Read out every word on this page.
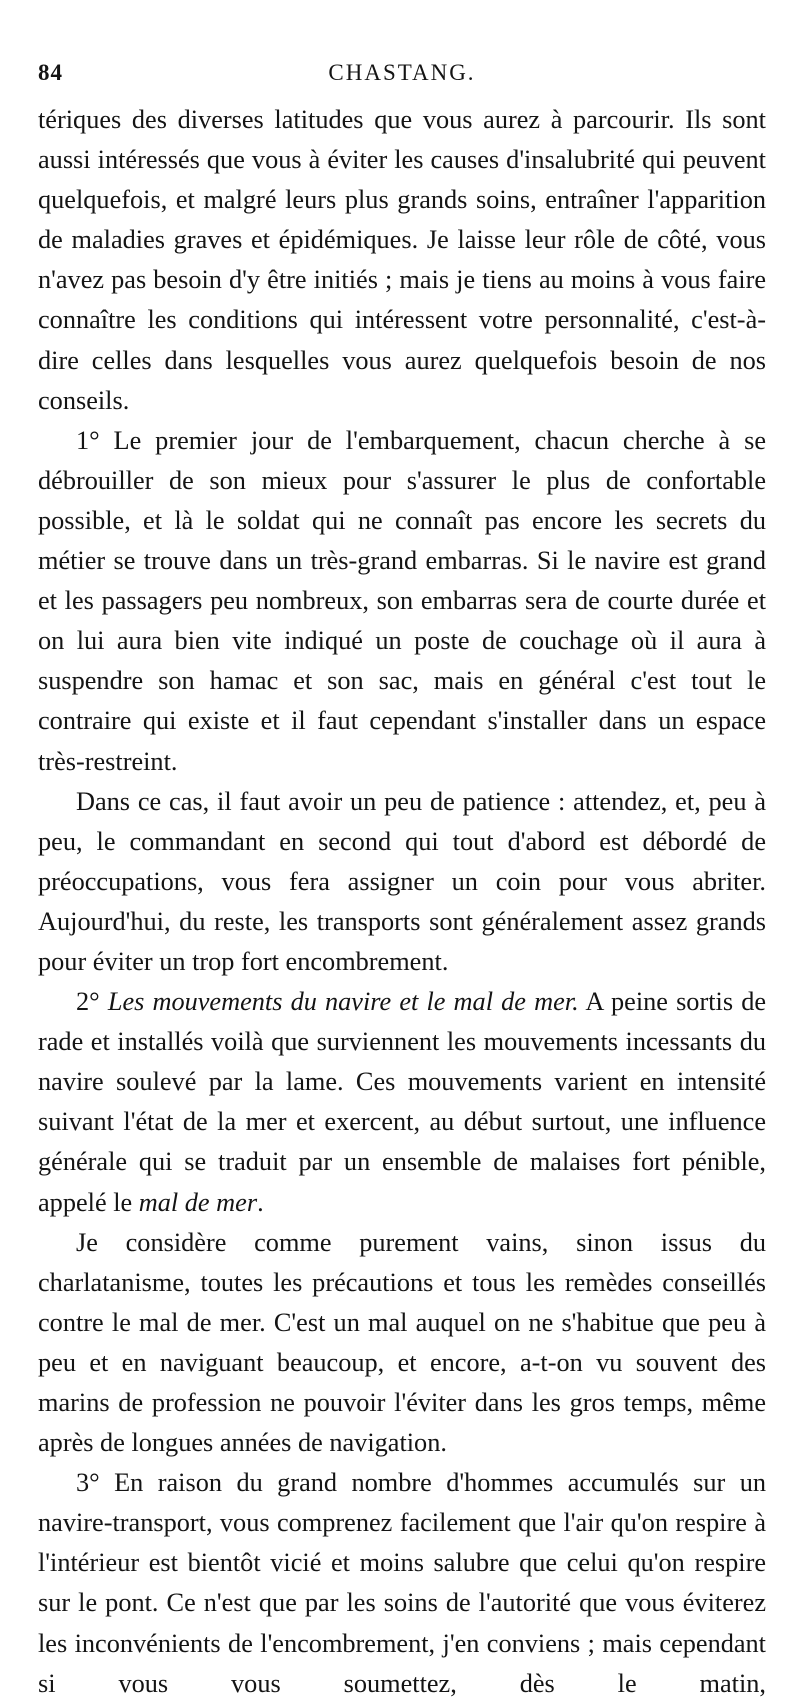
84	CHASTANG.

tériques des diverses latitudes que vous aurez à parcourir. Ils sont aussi intéressés que vous à éviter les causes d'insalubrité qui peuvent quelquefois, et malgré leurs plus grands soins, entraîner l'apparition de maladies graves et épidémiques. Je laisse leur rôle de côté, vous n'avez pas besoin d'y être initiés ; mais je tiens au moins à vous faire connaître les conditions qui intéressent votre personnalité, c'est-à-dire celles dans lesquelles vous aurez quelquefois besoin de nos conseils.

1° Le premier jour de l'embarquement, chacun cherche à se débrouiller de son mieux pour s'assurer le plus de confortable possible, et là le soldat qui ne connaît pas encore les secrets du métier se trouve dans un très-grand embarras. Si le navire est grand et les passagers peu nombreux, son embarras sera de courte durée et on lui aura bien vite indiqué un poste de couchage où il aura à suspendre son hamac et son sac, mais en général c'est tout le contraire qui existe et il faut cependant s'installer dans un espace très-restreint.

Dans ce cas, il faut avoir un peu de patience : attendez, et, peu à peu, le commandant en second qui tout d'abord est débordé de préoccupations, vous fera assigner un coin pour vous abriter. Aujourd'hui, du reste, les transports sont généralement assez grands pour éviter un trop fort encombrement.

2° Les mouvements du navire et le mal de mer. A peine sortis de rade et installés voilà que surviennent les mouvements incessants du navire soulevé par la lame. Ces mouvements varient en intensité suivant l'état de la mer et exercent, au début surtout, une influence générale qui se traduit par un ensemble de malaises fort pénible, appelé le mal de mer.

Je considère comme purement vains, sinon issus du charlatanisme, toutes les précautions et tous les remèdes conseillés contre le mal de mer. C'est un mal auquel on ne s'habitue que peu à peu et en naviguant beaucoup, et encore, a-t-on vu souvent des marins de profession ne pouvoir l'éviter dans les gros temps, même après de longues années de navigation.

3° En raison du grand nombre d'hommes accumulés sur un navire-transport, vous comprenez facilement que l'air qu'on respire à l'intérieur est bientôt vicié et moins salubre que celui qu'on respire sur le pont. Ce n'est que par les soins de l'autorité que vous éviterez les inconvénients de l'encombrement, j'en conviens ; mais cependant si vous vous soumettez, dès le matin,
